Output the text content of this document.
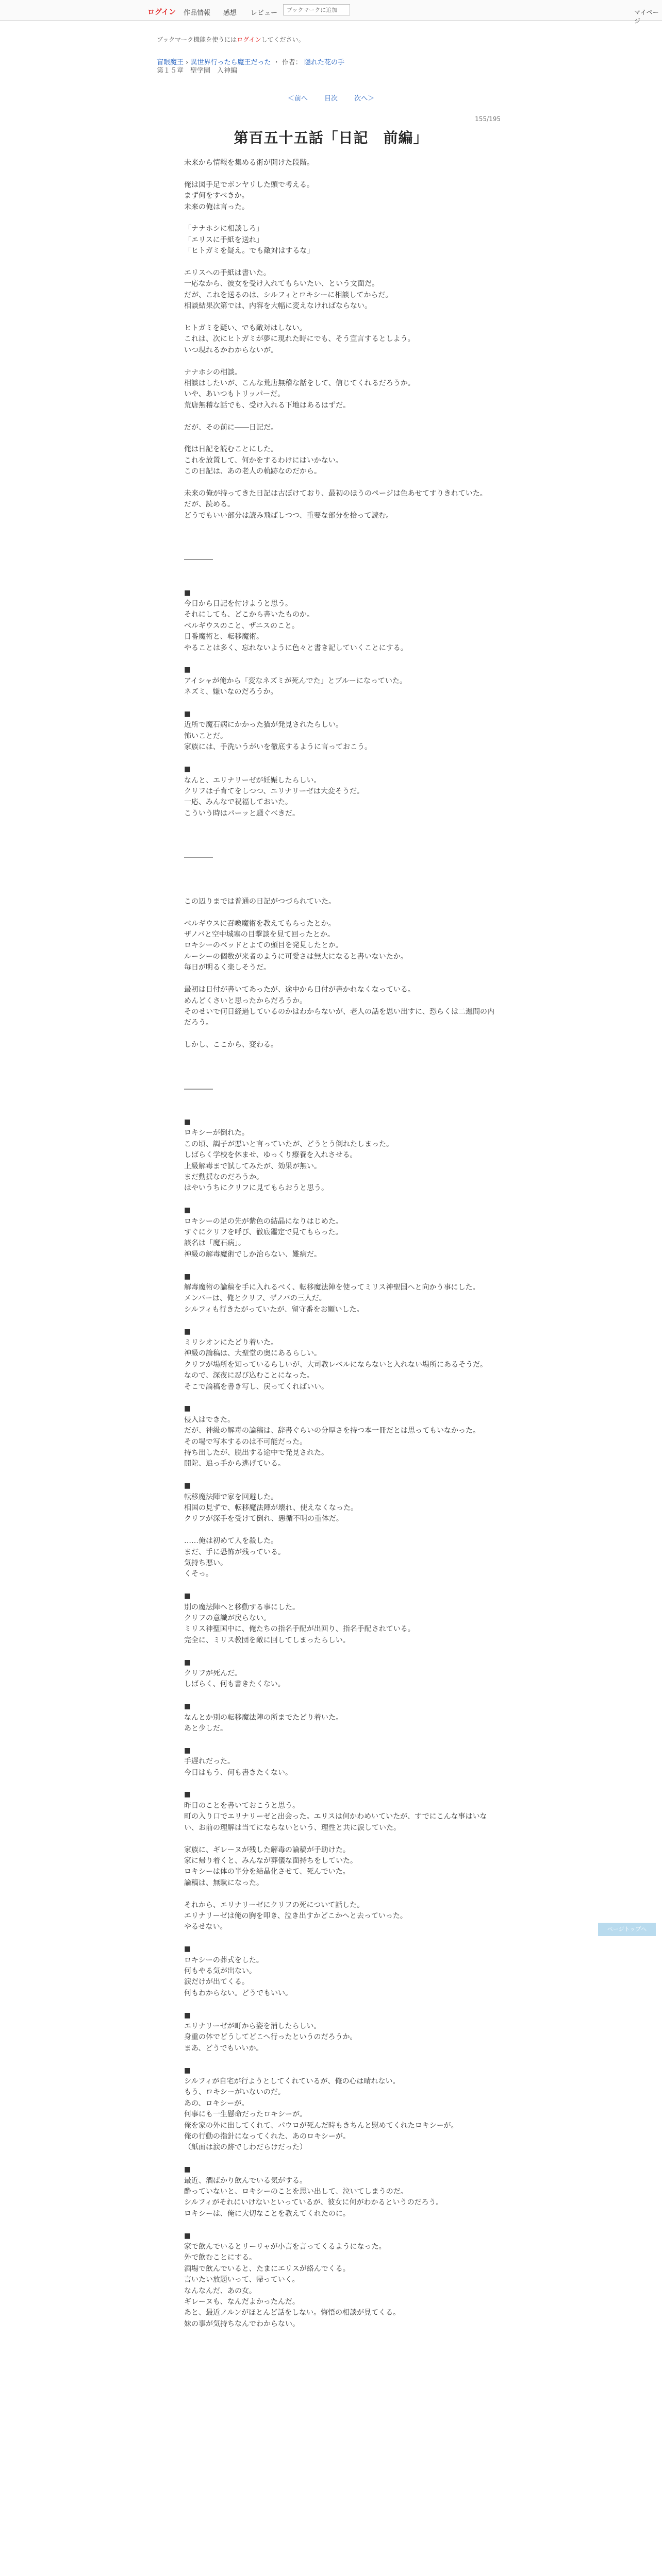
ログイン 作品情報 感想 レビュー
ブックマークに追加	マイページ
ブックマーク機能を使うにはログインしてください。
盲眼魔王 › 異世界行ったら魔王だった ・ 作者： 隠れた花の手
第１５章　聖学園　入神編
＜前へ 目次 次へ＞
155/195
第百五十五話「日記　前編」
未来から情報を集める術が開けた段階。
俺は図手足でボンヤリした頭で考える。
まず何をすべきか。
未来の俺は言った。
「ナナホシに相談しろ」
「エリスに手紙を送れ」
「ヒトガミを疑え。でも敵対はするな」
エリスへの手紙は書いた。
一応なから、彼女を受け入れてもらいたい、という文面だ。
だが、これを送るのは、シルフィとロキシーに相談してからだ。
相談結果次第では、内容を大幅に変えなければならない。
ヒトガミを疑い、でも敵対はしない。
これは、次にヒトガミが夢に現れた時にでも、そう宣言するとしよう。
いつ現れるかわからないが。
ナナホシの相談。
相談はしたいが、こんな荒唐無稽な話をして、信じてくれるだろうか。
いや、あいつもトリッパーだ。
荒唐無稽な話でも、受け入れる下地はあるはずだ。
だが、その前に――日記だ。
俺は日記を読むことにした。
これを放置して、何かをするわけにはいかない。
この日記は、あの老人の軌跡なのだから。
未来の俺が持ってきた日記は古ぼけており、最初のほうのページは色あせてすりきれていた。
だが、読める。
どうでもいい部分は読み飛ばしつつ、重要な部分を拾って読む。
――――
■
今日から日記を付けようと思う。
それにしても、どこから書いたものか。
ベルギウスのこと、ザニスのこと。
日番魔術と、転移魔術。
やることは多く、忘れないように色々と書き記していくことにする。
■
アイシャが俺から「変なネズミが死んでた」とブルーになっていた。
ネズミ、嫌いなのだろうか。
■
近所で魔石病にかかった猫が発見されたらしい。
怖いことだ。
家族には、手洗いうがいを徹底するように言っておこう。
■
なんと、エリナリーゼが妊娠したらしい。
クリフは子育てをしつつ、エリナリーゼは大変そうだ。
一応、みんなで祝福しておいた。
こういう時はパーッと騒ぐべきだ。
――――
この辺りまでは普通の日記がつづられていた。
ベルギウスに召喚魔術を教えてもらったとか。
ザノバと空中城塞の目撃談を見て回ったとか。
ロキシーのベッドとよての頭目を発見したとか。
ルーシーの個数が来者のように可愛さは無大になると書いないたか。
毎日が明るく楽しそうだ。
最初は日付が書いてあったが、途中から日付が書かれなくなっている。
めんどくさいと思ったからだろうか。
そのせいで何日経過しているのかはわからないが、老人の話を思い出すに、恐らくは二週間の内だろう。
しかし、ここから、変わる。
――――
■
ロキシーが倒れた。
この頃、調子が悪いと言っていたが、どうとう倒れたしまった。
しばらく学校を休ませ、ゆっくり療養を入れさせる。
上級解毒まで試してみたが、効果が無い。
まだ動揺なのだろうか。
はやいうちにクリフに見てもらおうと思う。
■
ロキシーの足の先が紫色の結晶になりはじめた。
すぐにクリフを呼び、徹底鑑定で見てもらった。
該名は「魔石病」。
神級の解毒魔術でしか治らない、難病だ。
■
解毒魔術の論稿を手に入れるべく、転移魔法陣を使ってミリス神聖国へと向かう事にした。
メンバーは、俺とクリフ、ザノバの三人だ。
シルフィも行きたがっていたが、留守番をお願いした。
■
ミリシオンにたどり着いた。
神級の論稿は、大聖堂の奥にあるらしい。
クリフが場所を知っているらしいが、大司教レベルにならないと入れない場所にあるそうだ。
なので、深夜に忍び込むことになった。
そこで論稿を書き写し、戻ってくればいい。
■
侵入はできた。
だが、神級の解毒の論稿は、辞書ぐらいの分厚さを持つ本一冊だとは思ってもいなかった。
その場で写本するのは不可能だった。
持ち出したが、脱出する途中で発見された。
開陀、追っ手から逃げている。
■
転移魔法陣で家を回避した。
相国の見ずで、転移魔法陣が壊れ、使えなくなった。
クリフが深手を受けて倒れ、悪循不明の重体だ。
……俺は初めて人を殺した。
まだ、手に恐怖が残っている。
気持ち悪い。
くそっ。
■
別の魔法陣へと移動する事にした。
クリフの意識が戻らない。
ミリス神聖国中に、俺たちの指名手配が出回り、指名手配されている。
完全に、ミリス教団を敵に回してしまったらしい。
■
クリフが死んだ。
しばらく、何も書きたくない。
■
なんとか別の転移魔法陣の所までたどり着いた。
あと少しだ。
■
手遅れだった。
今日はもう、何も書きたくない。
■
昨日のことを書いておこうと思う。
町の入り口でエリナリーゼと出会った。エリスは何かわめいていたが、すでにこんな事はいない、お前の理解は当てにならないという、理性と共に涙していた。
家族に、ギレーヌが残した解毒の論稿が手助けた。
家に帰り着くと、みんなが葬儀な面持ちをしていた。
ロキシーは体の半分を結晶化させて、死んでいた。
論稿は、無駄になった。
それから、エリナリーゼにクリフの死について話した。
エリナリーゼは俺の胸を叩き、泣き出すかどこかへと去っていった。
やるせない。
■
ロキシーの葬式をした。
何もやる気が出ない。
涙だけが出てくる。
何もわからない。どうでもいい。
■
エリナリーゼが町から姿を消したらしい。
身重の体でどうしてどこへ行ったというのだろうか。
まあ、どうでもいいか。
■
シルフィが自宅が行ようとしてくれているが、俺の心は晴れない。
もう、ロキシーがいないのだ。
あの、ロキシーが。
何事にも一生懸命だったロキシーが。
俺を家の外に出してくれて、パウロが死んだ時もきちんと慰めてくれたロキシーが。
俺の行動の指針になってくれた、あのロキシーが。
（紙面は涙の跡でしわだらけだった）
■
最近、酒ばかり飲んでいる気がする。
酔っていないと、ロキシーのことを思い出して、泣いてしまうのだ。
シルフィがそれにいけないといっているが、彼女に何がわかるというのだろう。
ロキシーは、俺に大切なことを教えてくれたのに。
■
家で飲んでいるとリーリャが小言を言ってくるようになった。
外で飲むことにする。
酒場で飲んでいると、たまにエリスが絡んでくる。
言いたい放題いって、帰っていく。
なんなんだ、あの女。
ギレーヌも、なんだよかったんだ。
あと、最近ノルンがほとんど話をしない。悔悟の相談が見てくる。
妹の事が気持ちなんでわからない。
ページトップへ
